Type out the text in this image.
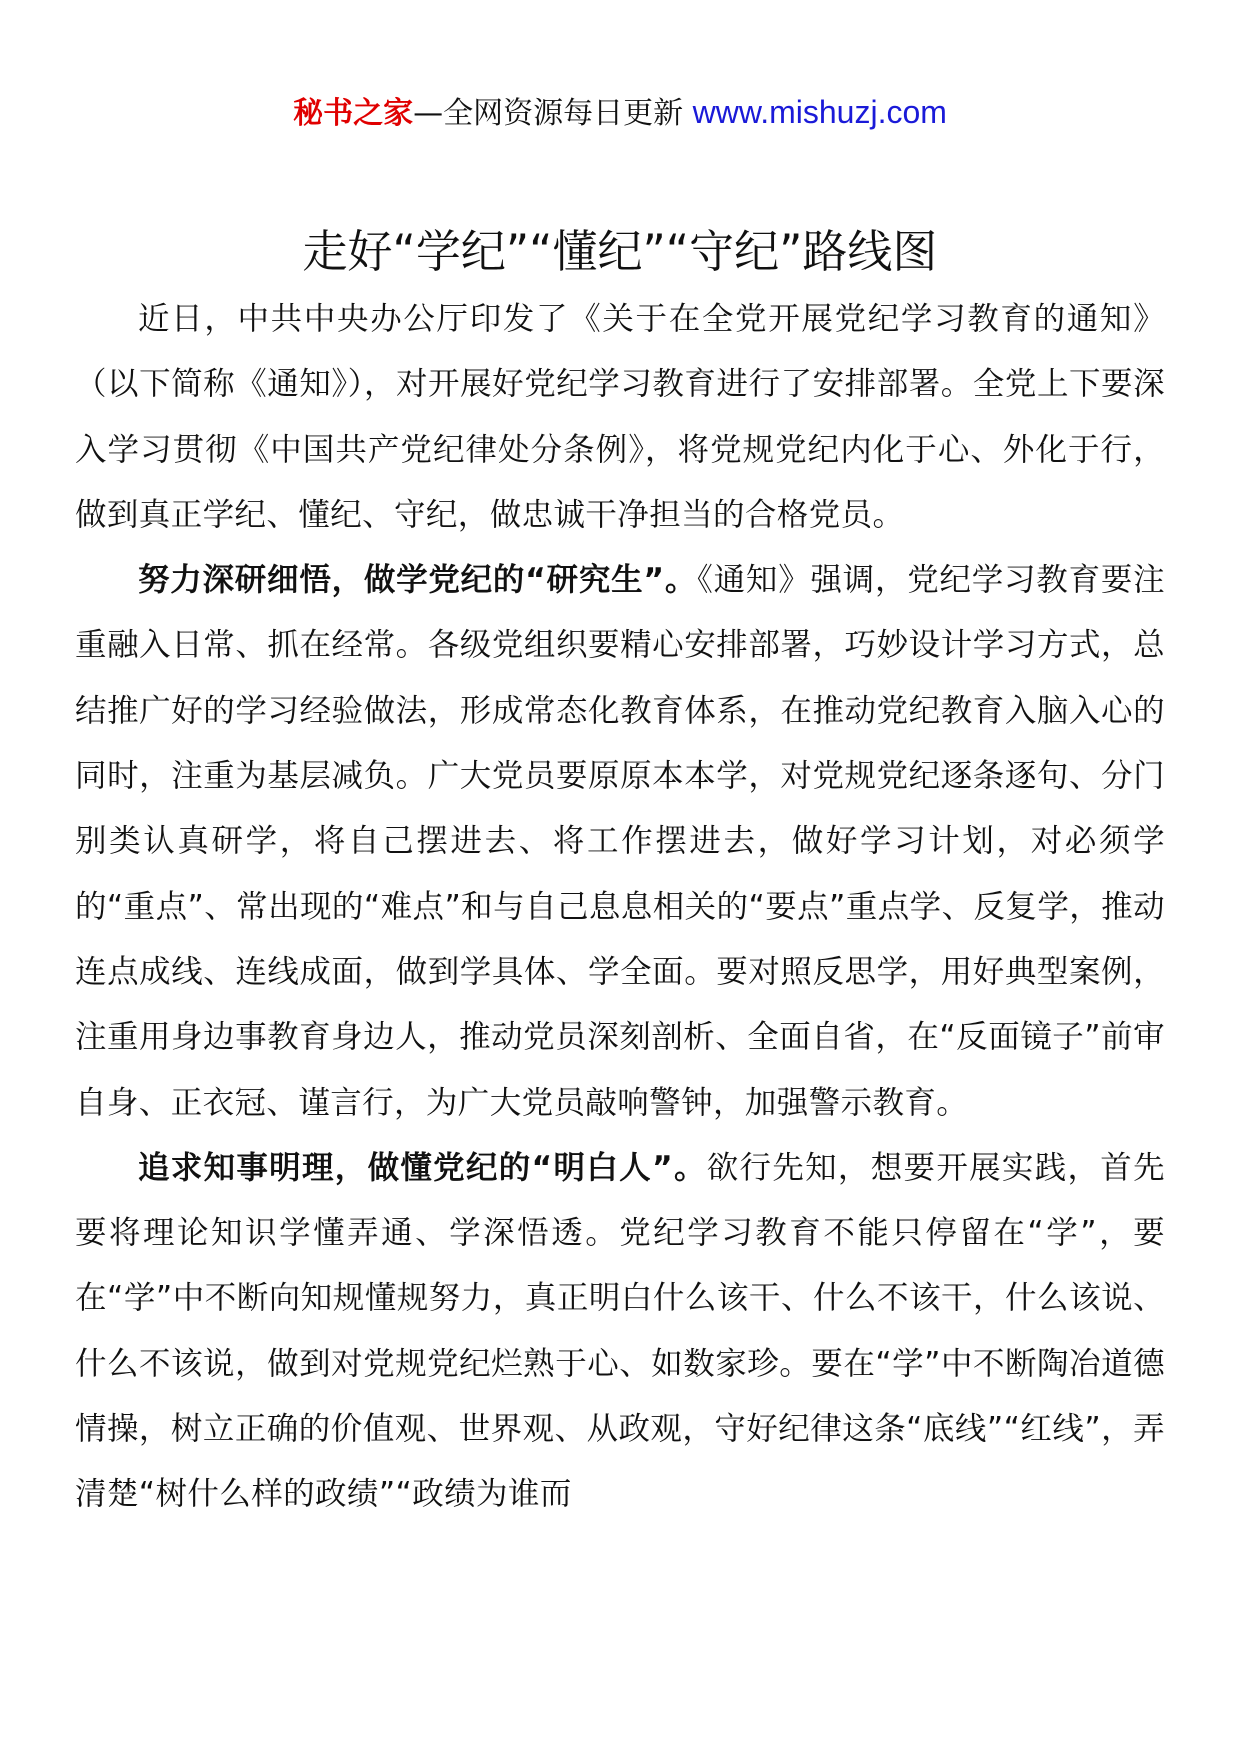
秘书之家—全网资源每日更新 www.mishuzj.com
走好“学纪”“懂纪”“守纪”路线图

近日，中共中央办公厅印发了《关于在全党开展党纪学习教育的通知》（以下简称《通知》），对开展好党纪学习教育进行了安排部署。全党上下要深入学习贯彻《中国共产党纪律处分条例》，将党规党纪内化于心、外化于行，做到真正学纪、懂纪、守纪，做忠诚干净担当的合格党员。

努力深研细悟，做学党纪的“研究生”。《通知》强调，党纪学习教育要注重融入日常、抓在经常。各级党组织要精心安排部署，巧妙设计学习方式，总结推广好的学习经验做法，形成常态化教育体系，在推动党纪教育入脑入心的同时，注重为基层减负。广大党员要原原本本学，对党规党纪逐条逐句、分门别类认真研学，将自己摆进去、将工作摆进去，做好学习计划，对必须学的“重点”、常出现的“难点”和与自己息息相关的“要点”重点学、反复学，推动连点成线、连线成面，做到学具体、学全面。要对照反思学，用好典型案例，注重用身边事教育身边人，推动党员深刻剖析、全面自省，在“反面镜子”前审自身、正衣冠、谨言行，为广大党员敲响警钟，加强警示教育。

追求知事明理，做懂党纪的“明白人”。欲行先知，想要开展实践，首先要将理论知识学懂弄通、学深悟透。党纪学习教育不能只停留在“学”，要在“学”中不断向知规懂规努力，真正明白什么该干、什么不该干，什么该说、什么不该说，做到对党规党纪烂熟于心、如数家珍。要在“学”中不断陶冶道德情操，树立正确的价值观、世界观、从政观，守好纪律这条“底线”“红线”，弄清楚“树什么样的政绩”“政绩为谁而
